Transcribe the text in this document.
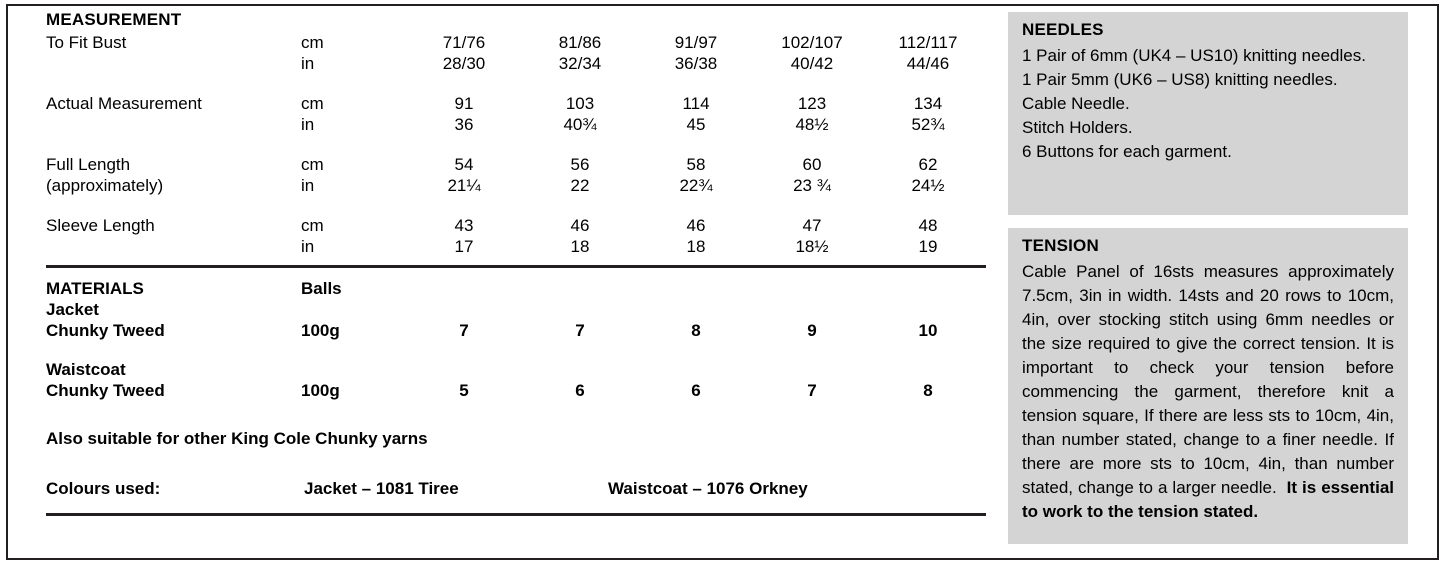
MEASUREMENT
To Fit Bust	cm	71/76	81/86	91/97	102/107	112/117
	in	28/30	32/34	36/38	40/42	44/46

Actual Measurement	cm	91	103	114	123	134
	in	36	40¾	45	48½	52¾

Full Length	cm	54	56	58	60	62
(approximately)	in	21¼	22	22¾	23 ¾	24½

Sleeve Length	cm	43	46	46	47	48
	in	17	18	18	18½	19
MATERIALS	Balls					
Jacket						
Chunky Tweed	100g	7	7	8	9	10

Waistcoat						
Chunky Tweed	100g	5	6	6	7	8
Also suitable for other King Cole Chunky yarns
Colours used:	Jacket – 1081 Tiree	Waistcoat – 1076 Orkney
NEEDLES
1 Pair of 6mm (UK4 – US10) knitting needles.
1 Pair 5mm (UK6 – US8) knitting needles.
Cable Needle.
Stitch Holders.
6 Buttons for each garment.
TENSION
Cable Panel of 16sts measures approximately 7.5cm, 3in in width. 14sts and 20 rows to 10cm, 4in, over stocking stitch using 6mm needles or the size required to give the correct tension. It is important to check your tension before commencing the garment, therefore knit a tension square, If there are less sts to 10cm, 4in, than number stated, change to a finer needle. If there are more sts to 10cm, 4in, than number stated, change to a larger needle.  It is essential to work to the tension stated.
